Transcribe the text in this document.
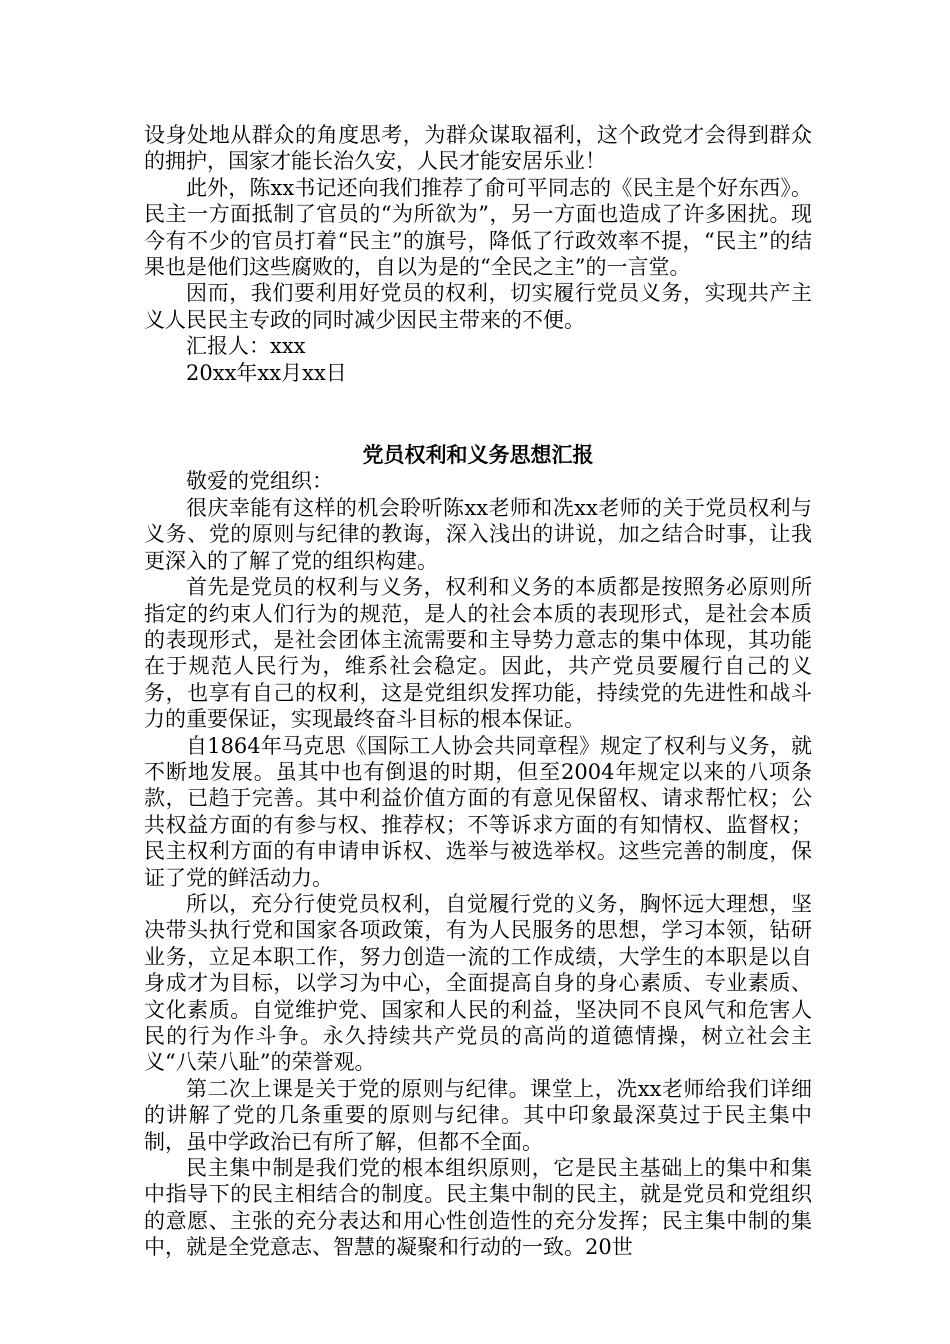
设身处地从群众的角度思考，为群众谋取福利，这个政党才会得到群众的拥护，国家才能长治久安，人民才能安居乐业！

此外，陈xx书记还向我们推荐了俞可平同志的《民主是个好东西》。民主一方面抵制了官员的“为所欲为”，另一方面也造成了许多困扰。现今有不少的官员打着“民主”的旗号，降低了行政效率不提，“民主”的结果也是他们这些腐败的，自以为是的“全民之主”的一言堂。

因而，我们要利用好党员的权利，切实履行党员义务，实现共产主义人民民主专政的同时减少因民主带来的不便。

汇报人：xxx

20xx年xx月xx日

党员权利和义务思想汇报

敬爱的党组织：

很庆幸能有这样的机会聆听陈xx老师和冼xx老师的关于党员权利与义务、党的原则与纪律的教诲，深入浅出的讲说，加之结合时事，让我更深入的了解了党的组织构建。

首先是党员的权利与义务，权利和义务的本质都是按照务必原则所指定的约束人们行为的规范，是人的社会本质的表现形式，是社会本质的表现形式，是社会团体主流需要和主导势力意志的集中体现，其功能在于规范人民行为，维系社会稳定。因此，共产党员要履行自己的义务，也享有自己的权利，这是党组织发挥功能，持续党的先进性和战斗力的重要保证，实现最终奋斗目标的根本保证。

自1864年马克思《国际工人协会共同章程》规定了权利与义务，就不断地发展。虽其中也有倒退的时期，但至2004年规定以来的八项条款，已趋于完善。其中利益价值方面的有意见保留权、请求帮忙权；公共权益方面的有参与权、推荐权；不等诉求方面的有知情权、监督权；民主权利方面的有申请申诉权、选举与被选举权。这些完善的制度，保证了党的鲜活动力。

所以，充分行使党员权利，自觉履行党的义务，胸怀远大理想，坚决带头执行党和国家各项政策，有为人民服务的思想，学习本领，钻研业务，立足本职工作，努力创造一流的工作成绩，大学生的本职是以自身成才为目标，以学习为中心，全面提高自身的身心素质、专业素质、文化素质。自觉维护党、国家和人民的利益，坚决同不良风气和危害人民的行为作斗争。永久持续共产党员的高尚的道德情操，树立社会主义“八荣八耻”的荣誉观。

第二次上课是关于党的原则与纪律。课堂上，冼xx老师给我们详细的讲解了党的几条重要的原则与纪律。其中印象最深莫过于民主集中制，虽中学政治已有所了解，但都不全面。

民主集中制是我们党的根本组织原则，它是民主基础上的集中和集中指导下的民主相结合的制度。民主集中制的民主，就是党员和党组织的意愿、主张的充分表达和用心性创造性的充分发挥；民主集中制的集中，就是全党意志、智慧的凝聚和行动的一致。20世
